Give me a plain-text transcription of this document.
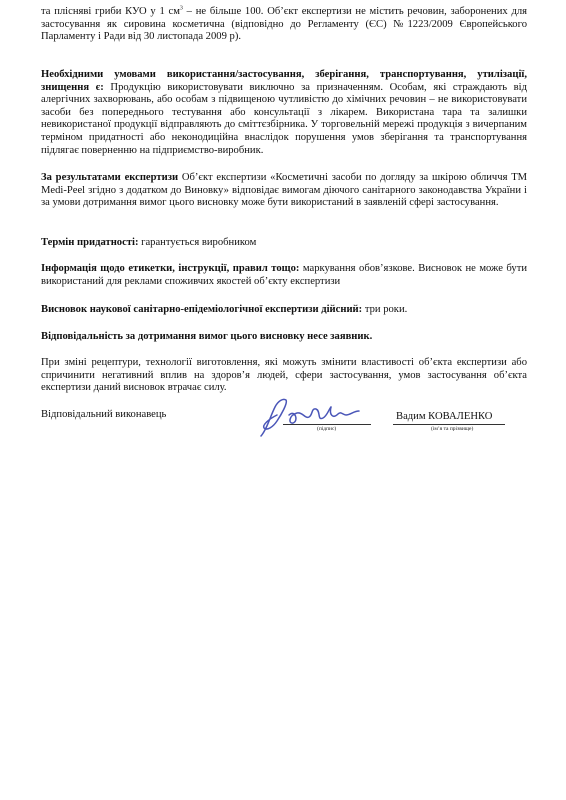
та плісняві гриби КУО у 1 $см^3$ – не більше 100. Об’єкт експертизи не містить речовин, заборонених для застосування як сировина косметична (відповідно до Регламенту (ЄС) №1223/2009 Європейського Парламенту і Ради від 30 листопада 2009 р).
Необхідними умовами використання/застосування, зберігання, транспортування, утилізації, знищення є: Продукцію використовувати виключно за призначенням. Особам, які страждають від алергічних захворювань, або особам з підвищеною чутливістю до хімічних речовин – не використовувати засоби без попереднього тестування або консультації з лікарем. Використана тара та залишки невикористаної продукції відправляють до сміттєзбірника. У торговельній мережі продукція з вичерпаним терміном придатності або неконодиційна внаслідок порушення умов зберігання та транспортування підлягає поверненню на підприємство-виробник.
За результатами експертизи Об’єкт експертизи «Косметичні засоби по догляду за шкірою обличчя ТМ Medi-Peel згідно з додатком до Виновку» відповідає вимогам діючого санітарного законодавства України і за умови дотримання вимог цього висновку може бути використаний в заявленій сфері застосування.
Термін придатності: гарантується виробником
Інформація щодо етикетки, інструкції, правил тощо: маркування обов’язкове. Висновок не може бути використаний для реклами споживчих якостей об’єкту експертизи
Висновок наукової санітарно-епідеміологічної експертизи дійсний: три роки.
Відповідальність за дотримання вимог цього висновку несе заявник.
При зміні рецептури, технології виготовлення, які можуть змінити властивості об’єкта експертизи або спричинити негативний вплив на здоров’я людей, сфери застосування, умов застосування об’єкта експертизи даний висновок втрачає силу.
Відповідальний виконавець
(підпис)
Вадим КОВАЛЕНКО
(ім’я та прізвище)
